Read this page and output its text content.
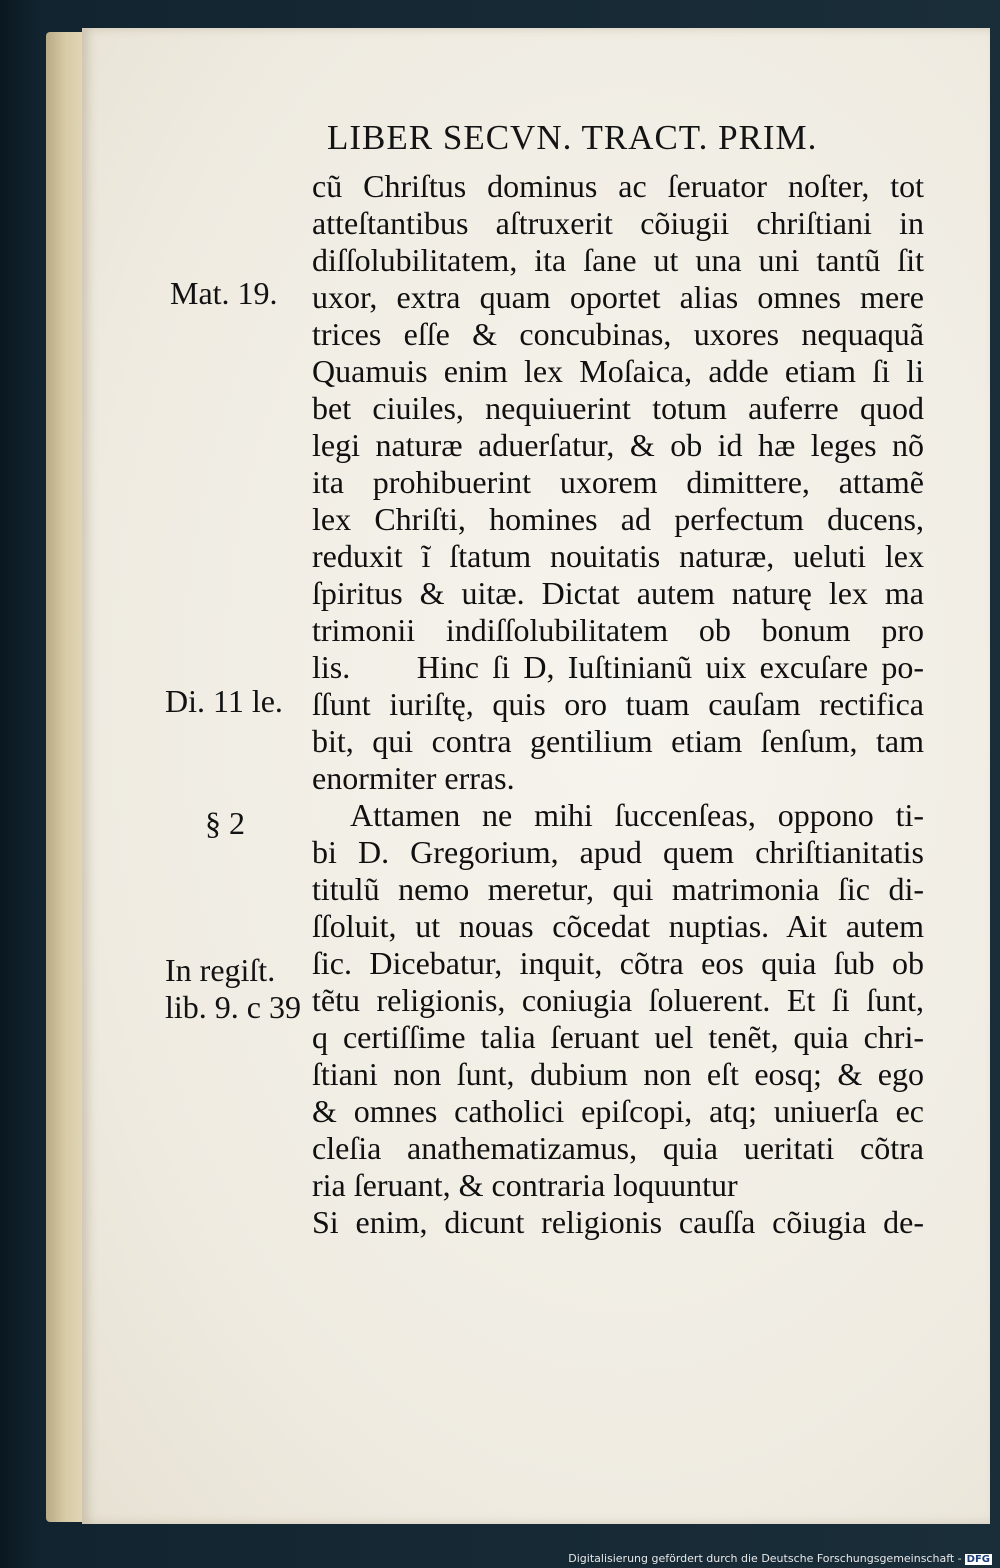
LIBER SECVN. TRACT. PRIM.
cũ Chriſtus dominus ac ſeruator noſter, tot
atteſtantibus aſtruxerit cõiugii chriſtiani in
diſſolubilitatem, ita ſane ut una uni tantũ ſit
uxor, extra quam oportet alias omnes mere
trices eſſe & concubinas, uxores nequaquã
Quamuis enim lex Moſaica, adde etiam ſi li
bet ciuiles, nequiuerint totum auferre quod
legi naturæ aduerſatur, & ob id hæ leges nõ
ita prohibuerint uxorem dimittere, attamẽ
lex Chriſti, homines ad perfectum ducens,
reduxit ĩ ſtatum nouitatis naturæ, ueluti lex
ſpiritus & uitæ. Dictat autem naturę lex ma
trimonii indiſſolubilitatem ob bonum pro
lis.     Hinc ſi D, Iuſtinianũ uix excuſare po-
ſſunt iuriſtę, quis oro tuam cauſam rectifica
bit, qui contra gentilium etiam ſenſum, tam
enormiter erras.
Attamen ne mihi ſuccenſeas, oppono ti-
bi D. Gregorium, apud quem chriſtianitatis
titulũ nemo meretur, qui matrimonia ſic di-
ſſoluit, ut nouas cõcedat nuptias. Ait autem
ſic. Dicebatur, inquit, cõtra eos quia ſub ob
tẽtu religionis, coniugia ſoluerent. Et ſi ſunt,
q certiſſime talia ſeruant uel tenẽt, quia chri-
ſtiani non ſunt, dubium non eſt eosq; & ego
& omnes catholici epiſcopi, atq; uniuerſa ec
cleſia anathematizamus, quia ueritati cõtra
ria ſeruant, & contraria loquuntur
Si enim, dicunt religionis cauſſa cõiugia de-
Mat. 19.
Di. 11 le.
§ 2
In regiſt.
lib. 9. c 39
Digitalisierung gefördert durch die Deutsche Forschungsgemeinschaft - DFG
